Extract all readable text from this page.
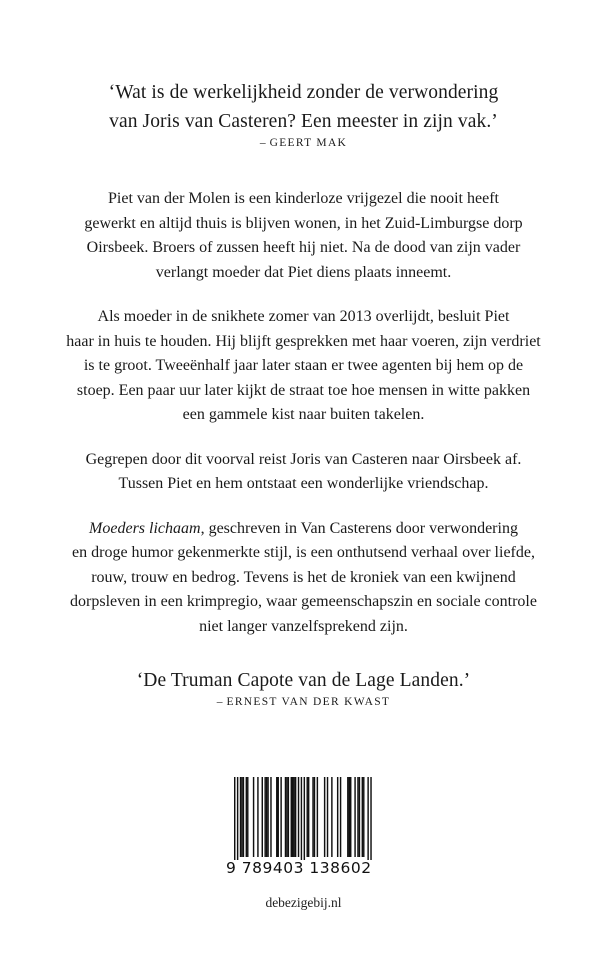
‘Wat is de werkelijkheid zonder de verwondering
van Joris van Casteren? Een meester in zijn vak.’
– GEERT MAK
Piet van der Molen is een kinderloze vrijgezel die nooit heeft
gewerkt en altijd thuis is blijven wonen, in het Zuid-Limburgse dorp
Oirsbeek. Broers of zussen heeft hij niet. Na de dood van zijn vader
verlangt moeder dat Piet diens plaats inneemt.
Als moeder in de snikhete zomer van 2013 overlijdt, besluit Piet
haar in huis te houden. Hij blijft gesprekken met haar voeren, zijn verdriet
is te groot. Tweeënhalf jaar later staan er twee agenten bij hem op de
stoep. Een paar uur later kijkt de straat toe hoe mensen in witte pakken
een gammele kist naar buiten takelen.
Gegrepen door dit voorval reist Joris van Casteren naar Oirsbeek af.
Tussen Piet en hem ontstaat een wonderlijke vriendschap.
Moeders lichaam, geschreven in Van Casterens door verwondering
en droge humor gekenmerkte stijl, is een onthutsend verhaal over liefde,
rouw, trouw en bedrog. Tevens is het de kroniek van een kwijnend
dorpsleven in een krimpregio, waar gemeenschapszin en sociale controle
niet langer vanzelfsprekend zijn.
‘De Truman Capote van de Lage Landen.’
– ERNEST VAN DER KWAST
9 789403 138602
debezigebij.nl
